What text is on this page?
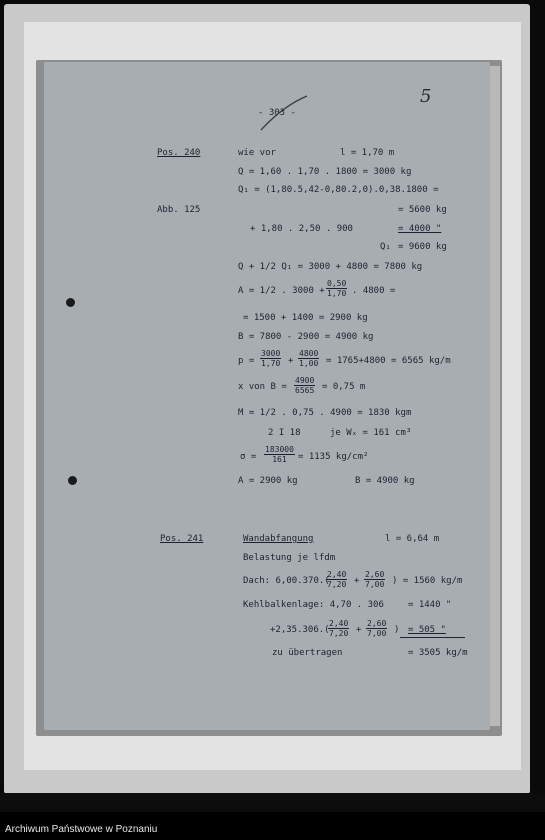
5
- 303 -
Pos. 240	wie vor	l = 1,70 m
Q = 1,60 . 1,70 . 1800 = 3000 kg
Q₁ = (1,80.5,42-0,80.2,0).0,38.1800 =
Abb. 125	= 5600 kg
+ 1,80 . 2,50 . 900	= 4000 "
Q₁ = 9600 kg
Q + 1/2 Q₁ = 3000 + 4800 = 7800 kg
A = 1/2 . $3000 + \frac{0,50}{1,70}$ . 4800 =
= 1500 + 1400 = 2900 kg
B = 7800 - 2900 = 4900 kg
$p = \frac{3000}{1,70} + \frac{4800}{1,00} = 1765+4800 = 6565$ kg/m
x von $B = \frac{4900}{6565} = 0,75$ m
M = 1/2 . 0,75 . 4900 = 1830 kgm
2 I 18	je Wₓ = 161 cm³
$\sigma = \frac{183000}{161} = 1135$ kg/cm²
A = 2900 kg	B = 4900 kg
Pos. 241	Wandabfangung	l = 6,64 m
Belastung je lfdm
Dach: 6,00.370.(
$\frac{2,40}{7,20} + \frac{2,60}{7,00}$ ) = 1560 kg/m
Kehlbalkenlage: 4,70 . 306	= 1440 "
+2,35.306.(
$\frac{2,40}{7,20} + \frac{2,60}{7,00}$ ) = 505 "
zu übertragen	= 3505 kg/m
Archiwum Państwowe w Poznaniu
